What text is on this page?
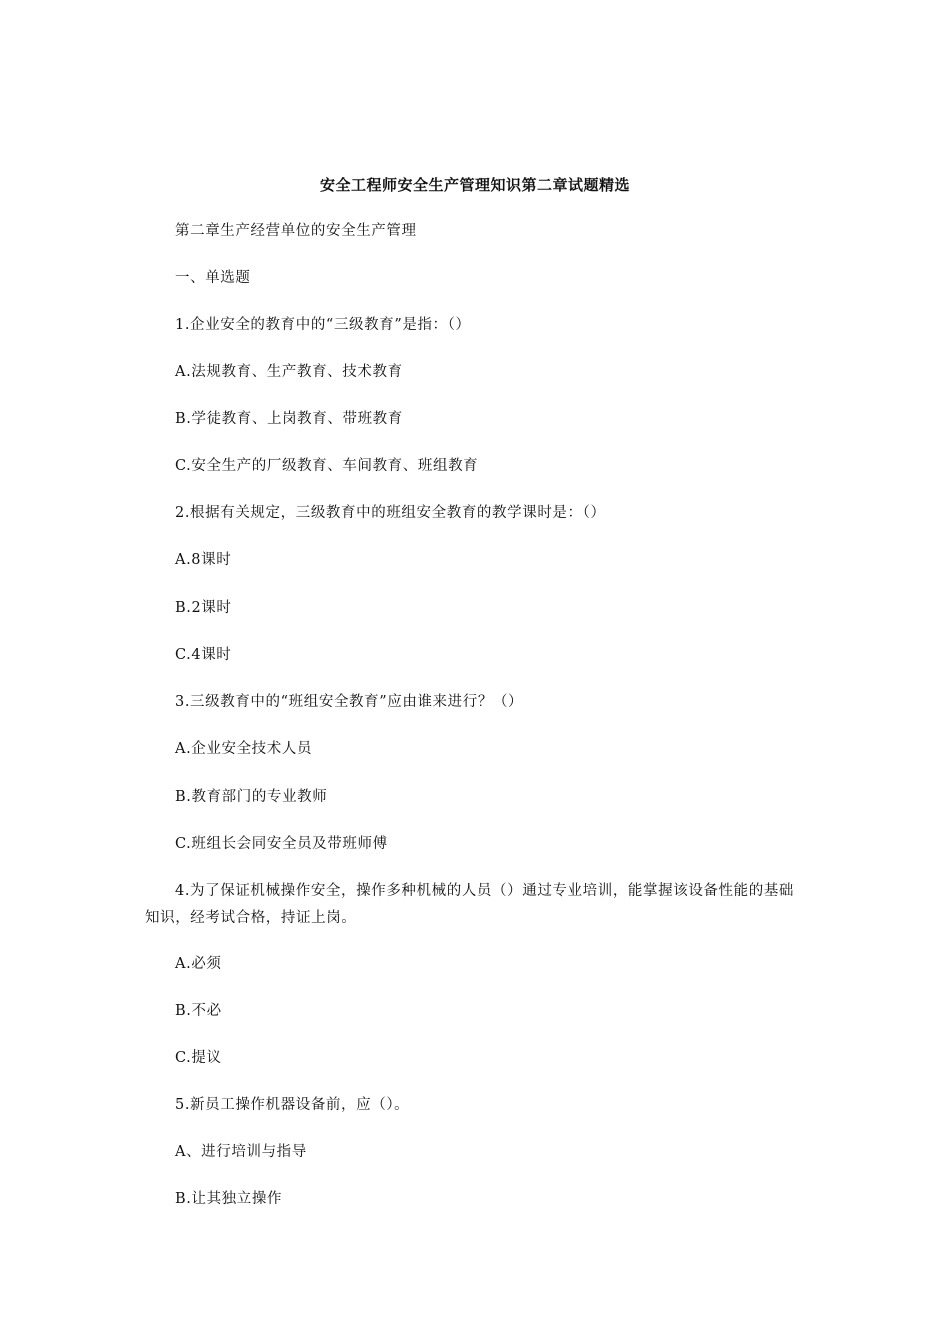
安全工程师安全生产管理知识第二章试题精选
第二章生产经营单位的安全生产管理
一、单选题
1.企业安全的教育中的“三级教育”是指：（）
A.法规教育、生产教育、技术教育
B.学徒教育、上岗教育、带班教育
C.安全生产的厂级教育、车间教育、班组教育
2.根据有关规定，三级教育中的班组安全教育的教学课时是：（）
A.8课时
B.2课时
C.4课时
3.三级教育中的“班组安全教育”应由谁来进行？（）
A.企业安全技术人员
B.教育部门的专业教师
C.班组长会同安全员及带班师傅
4.为了保证机械操作安全，操作多种机械的人员（）通过专业培训，能掌握该设备性能的基础知识，经考试合格，持证上岗。
A.必须
B.不必
C.提议
5.新员工操作机器设备前，应（）。
A、进行培训与指导
B.让其独立操作
